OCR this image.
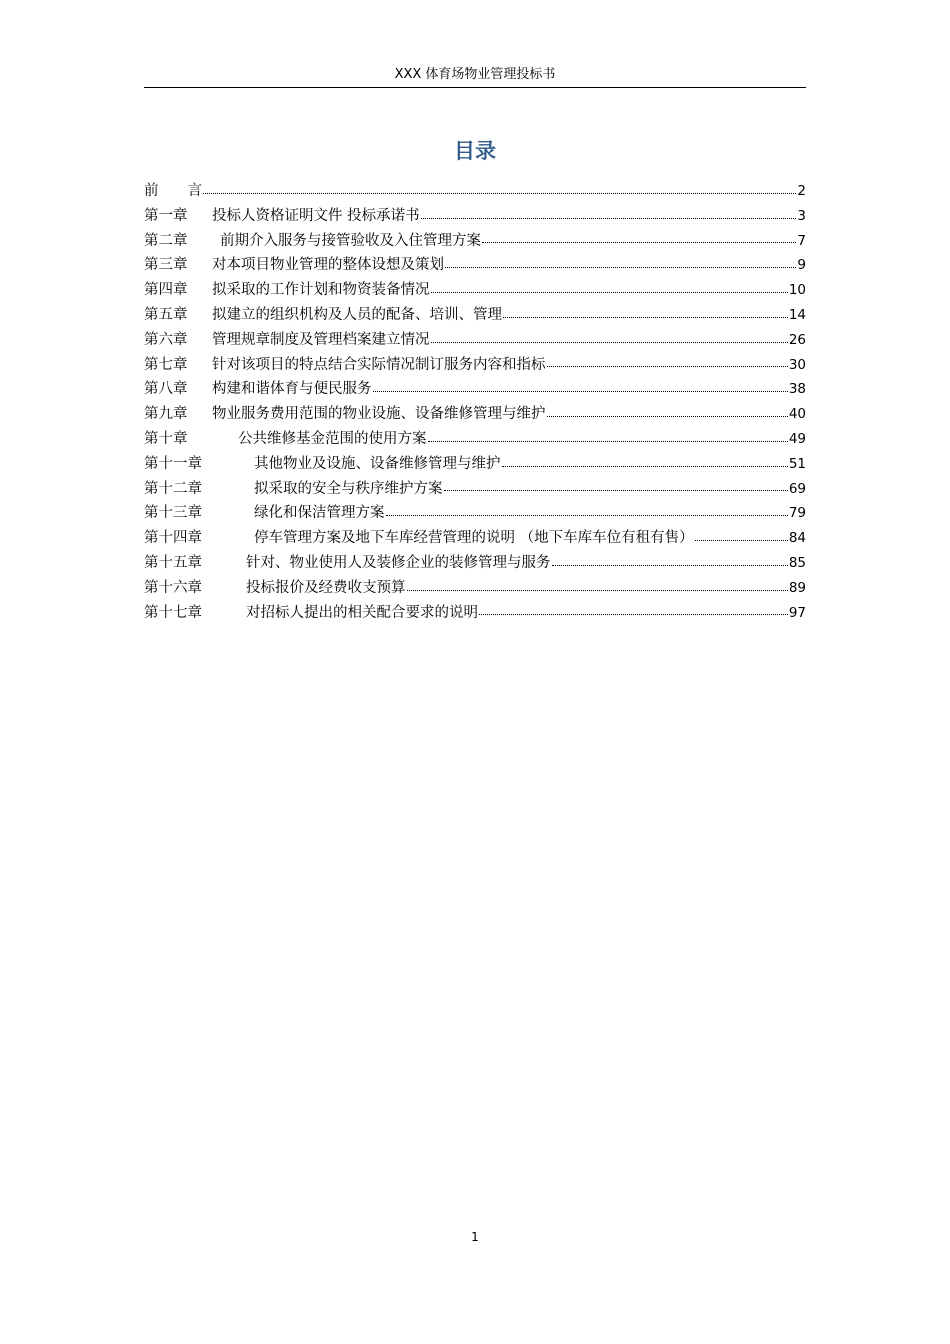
XXX 体育场物业管理投标书
目录
前　　言	2
第一章 投标人资格证明文件 投标承诺书	3
第二章 前期介入服务与接管验收及入住管理方案	7
第三章 对本项目物业管理的整体设想及策划	9
第四章 拟采取的工作计划和物资装备情况	10
第五章 拟建立的组织机构及人员的配备、培训、管理	14
第六章 管理规章制度及管理档案建立情况	26
第七章 针对该项目的特点结合实际情况制订服务内容和指标	30
第八章 构建和谐体育与便民服务	38
第九章 物业服务费用范围的物业设施、设备维修管理与维护	40
第十章	公共维修基金范围的使用方案	49
第十一章	其他物业及设施、设备维修管理与维护	51
第十二章	拟采取的安全与秩序维护方案	69
第十三章	绿化和保洁管理方案	79
第十四章	停车管理方案及地下车库经营管理的说明 （地下车库车位有租有售）	84
第十五章	针对、物业使用人及装修企业的装修管理与服务	85
第十六章	投标报价及经费收支预算	89
第十七章	对招标人提出的相关配合要求的说明	97
1
